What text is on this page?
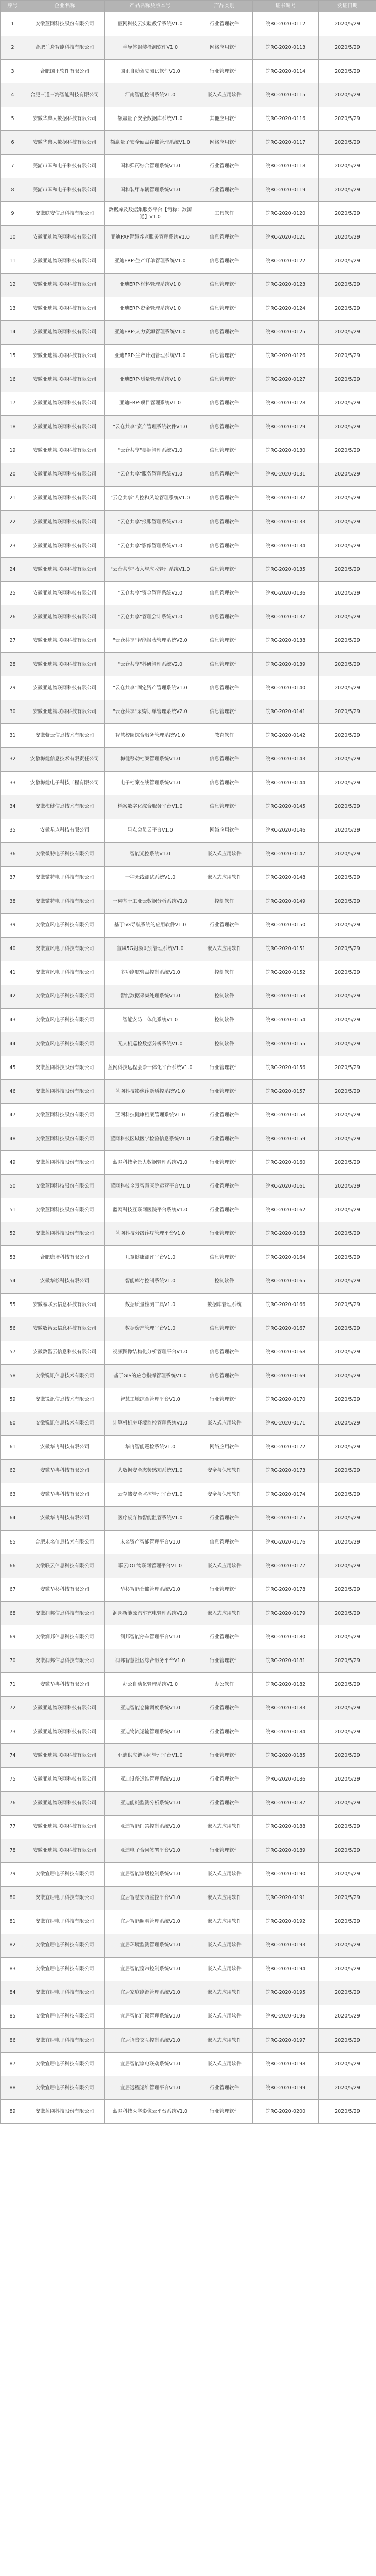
序号	企业名称	产品名称及版本号	产品类别	证书编号	发证日期
1	安徽蓝网科技股份有限公司	蓝网科技云实验教学系统V1.0	行业管理软件	皖RC-2020-0112	2020/5/29
2	合肥兰舟智能科技有限公司	半导体封装检测软件V1.0	网络应用软件	皖RC-2020-0113	2020/5/29
3	合肥国正软件有限公司	国正自动驾驶测试软件V1.0	行业管理软件	皖RC-2020-0114	2020/5/29
4	合肥三道三海智能科技有限公司	江南智能控制系统V1.0	嵌入式应用软件	皖RC-2020-0115	2020/5/29
5	安徽华典大数据科技有限公司	额赢量子安全数据库系统V1.0	其他应用软件	皖RC-2020-0116	2020/5/29
6	安徽华典大数据科技有限公司	额赢量子安全硬盘存储管理系统V1.0	网络应用软件	皖RC-2020-0117	2020/5/29
7	芜湖市国和电子科技有限公司	国和弹药综合管理系统V1.0	行业管理软件	皖RC-2020-0118	2020/5/29
8	芜湖市国和电子科技有限公司	国和装甲车辆管理系统V1.0	行业管理软件	皖RC-2020-0119	2020/5/29
9	安徽联安信息科技有限公司	数据库及数据集服务平台【简称：数源通】V1.0	工具软件	皖RC-2020-0120	2020/5/29
10	安徽亚迪物联网科技有限公司	亚迪PAP智慧养老服务管理系统V1.0	信息管理软件	皖RC-2020-0121	2020/5/29
11	安徽亚迪物联网科技有限公司	亚迪ERP-生产订单管理系统V1.0	信息管理软件	皖RC-2020-0122	2020/5/29
12	安徽亚迪物联网科技有限公司	亚迪ERP-材料管理系统V1.0	信息管理软件	皖RC-2020-0123	2020/5/29
13	安徽亚迪物联网科技有限公司	亚迪ERP-资金管理系统V1.0	信息管理软件	皖RC-2020-0124	2020/5/29
14	安徽亚迪物联网科技有限公司	亚迪ERP-人力资源管理系统V1.0	信息管理软件	皖RC-2020-0125	2020/5/29
15	安徽亚迪物联网科技有限公司	亚迪ERP-生产计划管理系统V1.0	信息管理软件	皖RC-2020-0126	2020/5/29
16	安徽亚迪物联网科技有限公司	亚迪ERP-质量管理系统V1.0	信息管理软件	皖RC-2020-0127	2020/5/29
17	安徽亚迪物联网科技有限公司	亚迪ERP-项目管理系统V1.0	信息管理软件	皖RC-2020-0128	2020/5/29
18	安徽亚迪物联网科技有限公司	"云仓共享"资产管理系统软件V1.0	信息管理软件	皖RC-2020-0129	2020/5/29
19	安徽亚迪物联网科技有限公司	"云仓共享"票据管理系统V1.0	信息管理软件	皖RC-2020-0130	2020/5/29
20	安徽亚迪物联网科技有限公司	"云仓共享"服务管理系统V1.0	信息管理软件	皖RC-2020-0131	2020/5/29
21	安徽亚迪物联网科技有限公司	"云仓共享"内控和风险管理系统V1.0	信息管理软件	皖RC-2020-0132	2020/5/29
22	安徽亚迪物联网科技有限公司	"云仓共享"报账管理系统V1.0	信息管理软件	皖RC-2020-0133	2020/5/29
23	安徽亚迪物联网科技有限公司	"云仓共享"影像管理系统V1.0	信息管理软件	皖RC-2020-0134	2020/5/29
24	安徽亚迪物联网科技有限公司	"云仓共享"收入与应收管理系统V1.0	信息管理软件	皖RC-2020-0135	2020/5/29
25	安徽亚迪物联网科技有限公司	"云仓共享"资金管理系统V2.0	信息管理软件	皖RC-2020-0136	2020/5/29
26	安徽亚迪物联网科技有限公司	"云仓共享"管理会计系统V1.0	信息管理软件	皖RC-2020-0137	2020/5/29
27	安徽亚迪物联网科技有限公司	"云仓共享"智能报表管理系统V2.0	信息管理软件	皖RC-2020-0138	2020/5/29
28	安徽亚迪物联网科技有限公司	"云仓共享"科研管理系统V2.0	信息管理软件	皖RC-2020-0139	2020/5/29
29	安徽亚迪物联网科技有限公司	"云仓共享"固定资产管理系统V1.0	信息管理软件	皖RC-2020-0140	2020/5/29
30	安徽亚迪物联网科技有限公司	"云仓共享"采购订单管理系统V2.0	信息管理软件	皖RC-2020-0141	2020/5/29
31	安徽紫云信息技术有限公司	智慧校园综合服务管理系统V1.0	教育软件	皖RC-2020-0142	2020/5/29
32	安徽梅健信息技术有限责任公司	梅健移动档案管理系统V1.0	信息管理软件	皖RC-2020-0143	2020/5/29
33	安徽梅健电子科技工程有限公司	电子档案在线管理系统V1.0	信息管理软件	皖RC-2020-0144	2020/5/29
34	安徽梅健信息技术有限公司	档案数字化综合服务平台V1.0	信息管理软件	皖RC-2020-0145	2020/5/29
35	安徽星点科技有限公司	星点会员云平台V1.0	网络应用软件	皖RC-2020-0146	2020/5/29
36	安徽微特电子科技有限公司	智能光控系统V1.0	嵌入式应用软件	皖RC-2020-0147	2020/5/29
37	安徽微特电子科技有限公司	一种无线测试系统V1.0	嵌入式应用软件	皖RC-2020-0148	2020/5/29
38	安徽微特电子科技有限公司	一种基于工业云数据分析系统V1.0	控制软件	皖RC-2020-0149	2020/5/29
39	安徽宣风电子科技有限公司	基于5G导航系统的应用软件V1.0	行业管理软件	皖RC-2020-0150	2020/5/29
40	安徽宣风电子科技有限公司	宣风5G射频识别管理系统V1.0	嵌入式应用软件	皖RC-2020-0151	2020/5/29
41	安徽宣风电子科技有限公司	多功能航管盘控制系统V1.0	控制软件	皖RC-2020-0152	2020/5/29
42	安徽宣风电子科技有限公司	智能数据采集处理系统V1.0	控制软件	皖RC-2020-0153	2020/5/29
43	安徽宣风电子科技有限公司	智能安防一体化系统V1.0	控制软件	皖RC-2020-0154	2020/5/29
44	安徽宣风电子科技有限公司	无人机巡检数据分析系统V1.0	控制软件	皖RC-2020-0155	2020/5/29
45	安徽蓝网科技股份有限公司	蓝网科技远程会诊一体化平台系统V1.0	行业管理软件	皖RC-2020-0156	2020/5/29
46	安徽蓝网科技股份有限公司	蓝网科技影像诊断质控系统V1.0	行业管理软件	皖RC-2020-0157	2020/5/29
47	安徽蓝网科技股份有限公司	蓝网科技健康档案管理系统V1.0	行业管理软件	皖RC-2020-0158	2020/5/29
48	安徽蓝网科技股份有限公司	蓝网科技区域医学检验信息系统V1.0	行业管理软件	皖RC-2020-0159	2020/5/29
49	安徽蓝网科技股份有限公司	蓝网科技全景大数据管理系统V1.0	行业管理软件	皖RC-2020-0160	2020/5/29
50	安徽蓝网科技股份有限公司	蓝网科技全景智慧医院运营平台V1.0	行业管理软件	皖RC-2020-0161	2020/5/29
51	安徽蓝网科技股份有限公司	蓝网科技互联网医院平台系统V1.0	行业管理软件	皖RC-2020-0162	2020/5/29
52	安徽蓝网科技股份有限公司	蓝网科技分级诊疗管理平台V1.0	行业管理软件	皖RC-2020-0163	2020/5/29
53	合肥康培科技有限公司	儿童健康测评平台V1.0	信息管理软件	皖RC-2020-0164	2020/5/29
54	安徽华杉科技有限公司	智能库存控制系统V1.0	控制软件	皖RC-2020-0165	2020/5/29
55	安徽易联云信息科技有限公司	数据质量检测工具V1.0	数据库管理系统	皖RC-2020-0166	2020/5/29
56	安徽数智云信息科技有限公司	数据资产管理平台V1.0	信息管理软件	皖RC-2020-0167	2020/5/29
57	安徽数智云信息科技有限公司	视频图像结构化分析管理平台V1.0	信息管理软件	皖RC-2020-0168	2020/5/29
58	安徽锐讯信息技术有限公司	基于GIS的应急指挥管理系统V1.0	信息管理软件	皖RC-2020-0169	2020/5/29
59	安徽锐讯信息技术有限公司	智慧工地综合管理平台V1.0	行业管理软件	皖RC-2020-0170	2020/5/29
60	安徽锐讯信息技术有限公司	计算机机房环境监控管理系统V1.0	嵌入式应用软件	皖RC-2020-0171	2020/5/29
61	安徽华冉科技有限公司	华冉智能巡检系统V1.0	网络应用软件	皖RC-2020-0172	2020/5/29
62	安徽华冉科技有限公司	大数据安全态势感知系统V1.0	安全与保密软件	皖RC-2020-0173	2020/5/29
63	安徽华冉科技有限公司	云存储安全监控管理平台V1.0	安全与保密软件	皖RC-2020-0174	2020/5/29
64	安徽华冉科技有限公司	医疗废弃物智能监管系统V1.0	行业管理软件	皖RC-2020-0175	2020/5/29
65	合肥未名信息技术有限公司	未名资产智能管理平台V1.0	信息管理软件	皖RC-2020-0176	2020/5/29
66	安徽联云信息科技有限公司	联云IOT物联网管理平台V1.0	嵌入式应用软件	皖RC-2020-0177	2020/5/29
67	安徽华杉科技有限公司	华杉智能仓储管理系统V1.0	行业管理软件	皖RC-2020-0178	2020/5/29
68	安徽润邦信息科技有限公司	润邦新能源汽车充电管理系统V1.0	嵌入式应用软件	皖RC-2020-0179	2020/5/29
69	安徽润邦信息科技有限公司	润邦智能停车管理平台V1.0	行业管理软件	皖RC-2020-0180	2020/5/29
70	安徽润邦信息科技有限公司	润邦智慧社区综合服务平台V1.0	行业管理软件	皖RC-2020-0181	2020/5/29
71	安徽华冉科技有限公司	办公自动化管理系统V1.0	办公软件	皖RC-2020-0182	2020/5/29
72	安徽亚迪物联网科技有限公司	亚迪智能仓储调度系统V1.0	行业管理软件	皖RC-2020-0183	2020/5/29
73	安徽亚迪物联网科技有限公司	亚迪物流运输管理系统V1.0	行业管理软件	皖RC-2020-0184	2020/5/29
74	安徽亚迪物联网科技有限公司	亚迪供应链协同管理平台V1.0	行业管理软件	皖RC-2020-0185	2020/5/29
75	安徽亚迪物联网科技有限公司	亚迪设备运维管理系统V1.0	行业管理软件	皖RC-2020-0186	2020/5/29
76	安徽亚迪物联网科技有限公司	亚迪能耗监测分析系统V1.0	行业管理软件	皖RC-2020-0187	2020/5/29
77	安徽亚迪物联网科技有限公司	亚迪智能门禁控制系统V1.0	嵌入式应用软件	皖RC-2020-0188	2020/5/29
78	安徽亚迪物联网科技有限公司	亚迪电子合同签署平台V1.0	行业管理软件	皖RC-2020-0189	2020/5/29
79	安徽宜居电子科技有限公司	宜居智能家居控制系统V1.0	嵌入式应用软件	皖RC-2020-0190	2020/5/29
80	安徽宜居电子科技有限公司	宜居智慧安防监控平台V1.0	嵌入式应用软件	皖RC-2020-0191	2020/5/29
81	安徽宜居电子科技有限公司	宜居智能照明管理系统V1.0	嵌入式应用软件	皖RC-2020-0192	2020/5/29
82	安徽宜居电子科技有限公司	宜居环境监测管理系统V1.0	嵌入式应用软件	皖RC-2020-0193	2020/5/29
83	安徽宜居电子科技有限公司	宜居智能窗帘控制系统V1.0	嵌入式应用软件	皖RC-2020-0194	2020/5/29
84	安徽宜居电子科技有限公司	宜居家庭能源管理系统V1.0	嵌入式应用软件	皖RC-2020-0195	2020/5/29
85	安徽宜居电子科技有限公司	宜居智能门锁管理系统V1.0	嵌入式应用软件	皖RC-2020-0196	2020/5/29
86	安徽宜居电子科技有限公司	宜居语音交互控制系统V1.0	嵌入式应用软件	皖RC-2020-0197	2020/5/29
87	安徽宜居电子科技有限公司	宜居智能家电联动系统V1.0	嵌入式应用软件	皖RC-2020-0198	2020/5/29
88	安徽宜居电子科技有限公司	宜居远程运维管理平台V1.0	行业管理软件	皖RC-2020-0199	2020/5/29
89	安徽蓝网科技股份有限公司	蓝网科技医学影像云平台系统V1.0	行业管理软件	皖RC-2020-0200	2020/5/29
